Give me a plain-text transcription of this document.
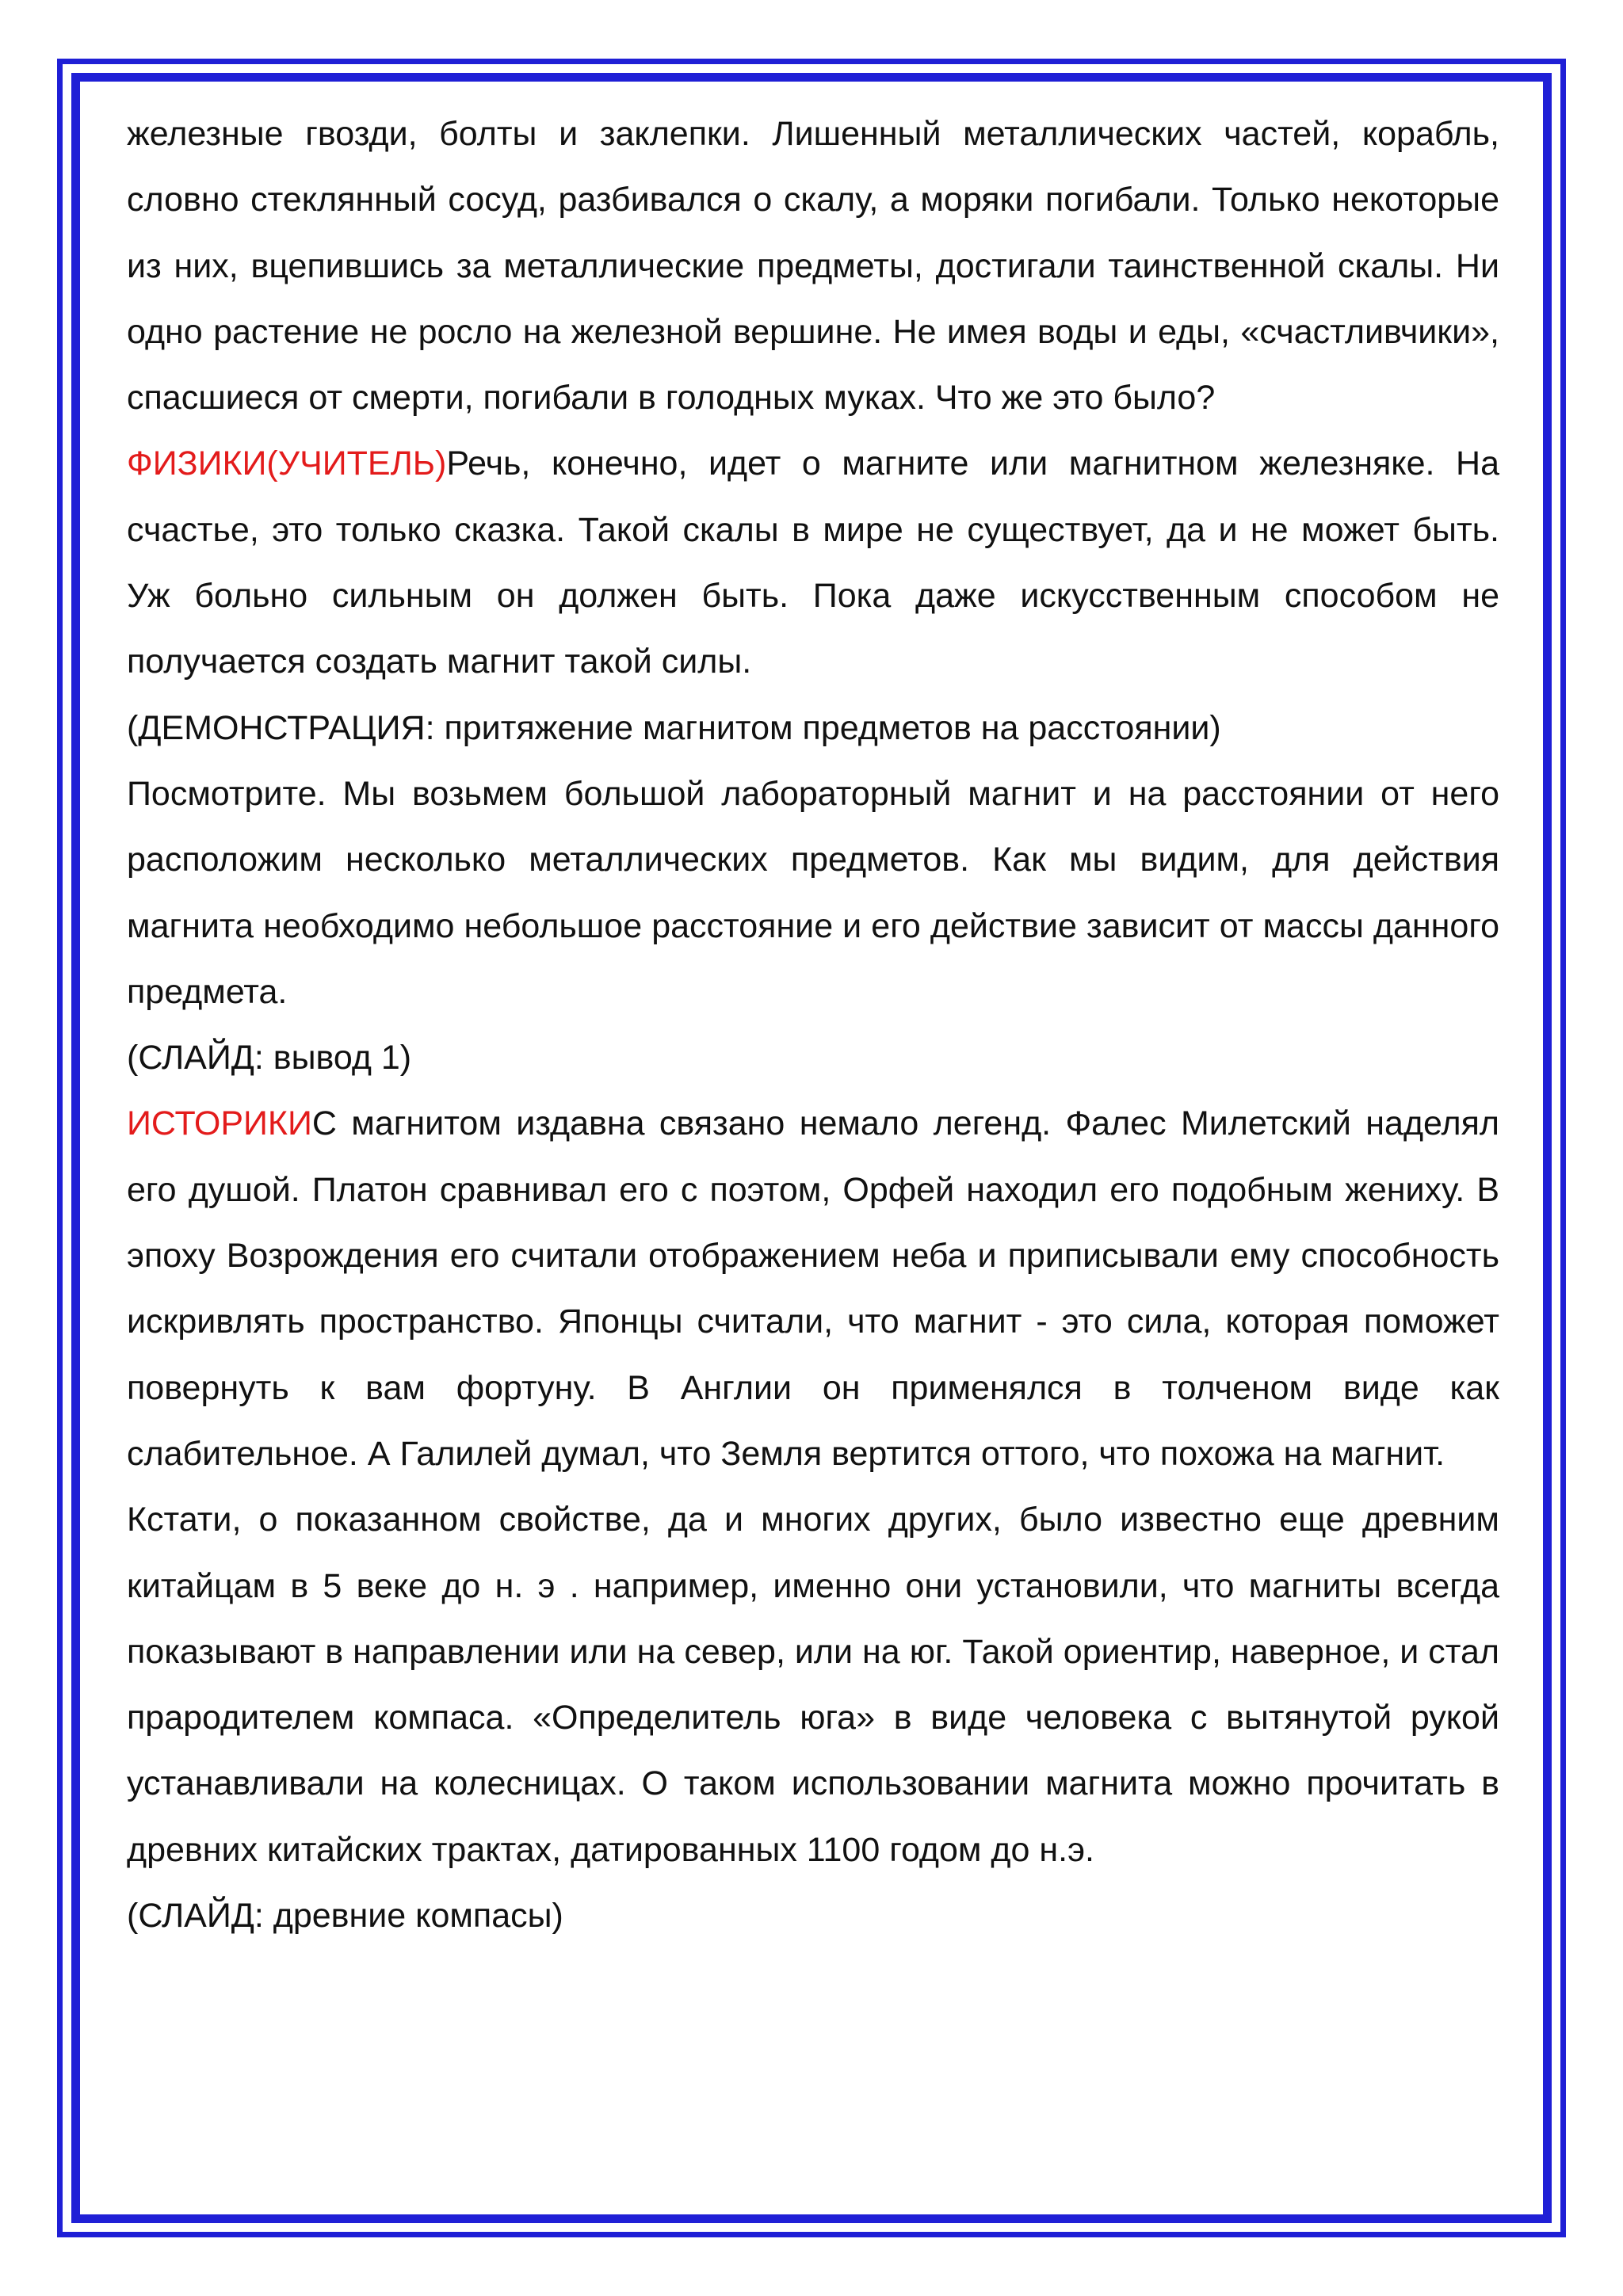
железные гвозди, болты и заклепки. Лишенный металлических частей, корабль, словно стеклянный сосуд, разбивался о скалу, а моряки погибали. Только некоторые из них, вцепившись за металлические предметы, достигали таинственной скалы. Ни одно растение не росло на железной вершине. Не имея воды и еды, «счастливчики», спасшиеся от смерти, погибали в голодных муках. Что же это было?

ФИЗИКИ(УЧИТЕЛЬ)Речь, конечно, идет о магните или магнитном железняке. На счастье, это только сказка. Такой скалы в мире не существует, да и не может быть. Уж больно сильным он должен быть. Пока даже искусственным способом не получается создать магнит такой силы.

(ДЕМОНСТРАЦИЯ: притяжение магнитом предметов на расстоянии)

Посмотрите. Мы возьмем большой лабораторный магнит и на расстоянии от него расположим несколько металлических предметов. Как мы видим, для действия магнита необходимо небольшое расстояние и его действие зависит от массы данного предмета.

(СЛАЙД: вывод 1)

ИСТОРИКИС магнитом издавна связано немало легенд. Фалес Милетский наделял его душой. Платон сравнивал его с поэтом, Орфей находил его подобным жениху. В эпоху Возрождения его считали отображением неба и приписывали ему способность искривлять пространство. Японцы считали, что магнит - это сила, которая поможет повернуть к вам фортуну. В Англии он применялся в толченом виде как слабительное. А Галилей думал, что Земля вертится оттого, что похожа на магнит.

Кстати, о показанном свойстве, да и многих других, было известно еще древним китайцам в 5 веке до н. э . например, именно они установили, что магниты всегда показывают в направлении или на север, или на юг. Такой ориентир, наверное, и стал прародителем компаса. «Определитель юга» в виде человека с вытянутой рукой устанавливали на колесницах. О таком использовании магнита можно прочитать в древних китайских трактах, датированных 1100 годом до н.э.

(СЛАЙД: древние компасы)
